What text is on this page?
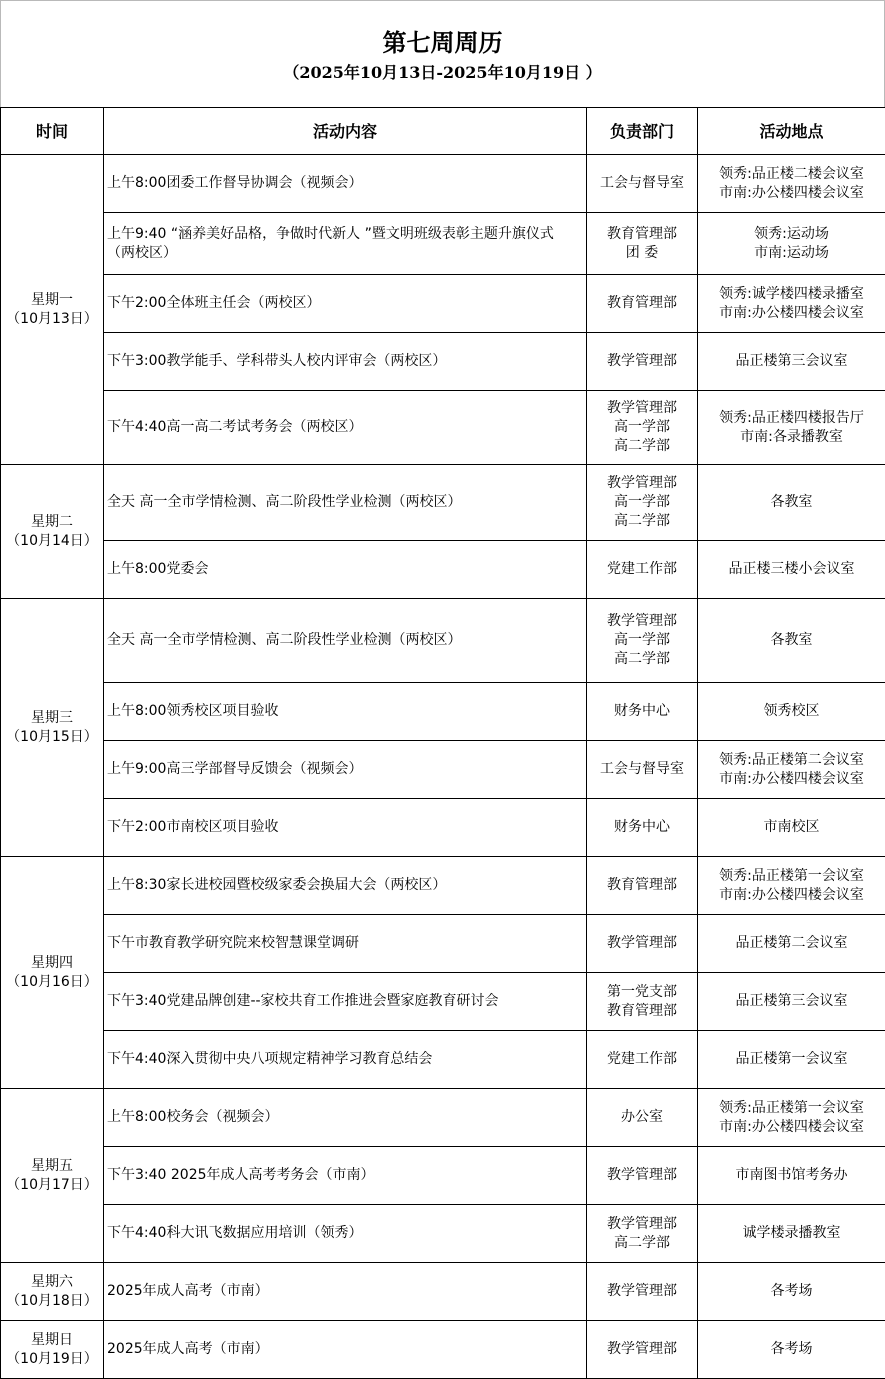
第七周周历
（2025年10月13日-2025年10月19日 ）
时间	活动内容	负责部门	活动地点

星期一
（10月13日）	上午8:00团委工作督导协调会（视频会）	工会与督导室	领秀:品正楼二楼会议室
市南:办公楼四楼会议室

	上午9:40 “涵养美好品格，争做时代新人 ”暨文明班级表彰主题升旗仪式（两校区）	教育管理部
团 委	领秀:运动场
市南:运动场

	下午2:00全体班主任会（两校区）	教育管理部	领秀:诚学楼四楼录播室
市南:办公楼四楼会议室

	下午3:00教学能手、学科带头人校内评审会（两校区）	教学管理部	品正楼第三会议室

	下午4:40高一高二考试考务会（两校区）	教学管理部
高一学部
高二学部	领秀:品正楼四楼报告厅
市南:各录播教室

星期二
（10月14日）	全天 高一全市学情检测、高二阶段性学业检测（两校区）	教学管理部
高一学部
高二学部	各教室

	上午8:00党委会	党建工作部	品正楼三楼小会议室

星期三
（10月15日）	全天 高一全市学情检测、高二阶段性学业检测（两校区）	教学管理部
高一学部
高二学部	各教室

	上午8:00领秀校区项目验收	财务中心	领秀校区

	上午9:00高三学部督导反馈会（视频会）	工会与督导室	领秀:品正楼第二会议室
市南:办公楼四楼会议室

	下午2:00市南校区项目验收	财务中心	市南校区

星期四
（10月16日）	上午8:30家长进校园暨校级家委会换届大会（两校区）	教育管理部	领秀:品正楼第一会议室
市南:办公楼四楼会议室

	下午市教育教学研究院来校智慧课堂调研	教学管理部	品正楼第二会议室

	下午3:40党建品牌创建--家校共育工作推进会暨家庭教育研讨会	第一党支部
教育管理部	品正楼第三会议室

	下午4:40深入贯彻中央八项规定精神学习教育总结会	党建工作部	品正楼第一会议室

星期五
（10月17日）	上午8:00校务会（视频会）	办公室	领秀:品正楼第一会议室
市南:办公楼四楼会议室

	下午3:40 2025年成人高考考务会（市南）	教学管理部	市南图书馆考务办

	下午4:40科大讯飞数据应用培训（领秀）	教学管理部
高二学部	诚学楼录播教室

星期六
（10月18日）	2025年成人高考（市南）	教学管理部	各考场

星期日
（10月19日）	2025年成人高考（市南）	教学管理部	各考场
